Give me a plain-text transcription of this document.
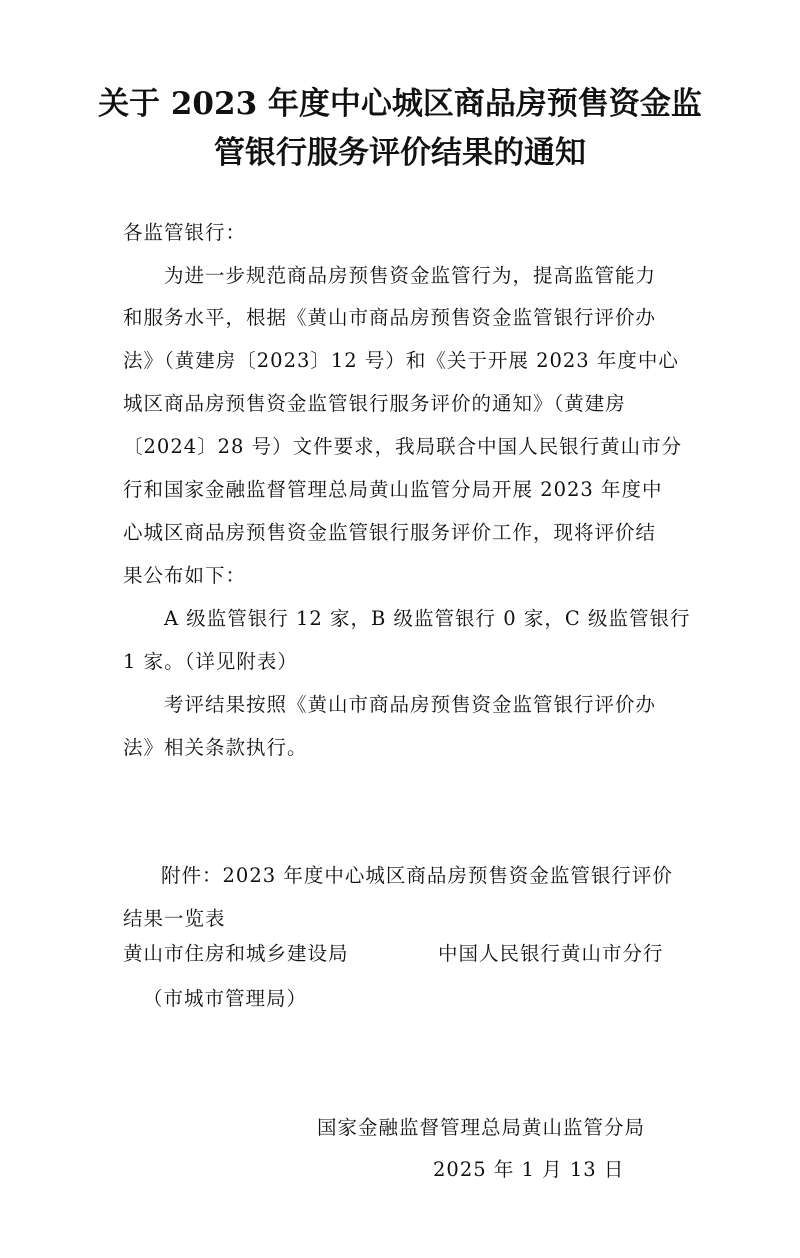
关于 2023 年度中心城区商品房预售资金监
管银行服务评价结果的通知

各监管银行：

为进一步规范商品房预售资金监管行为，提高监管能力

和服务水平，根据《黄山市商品房预售资金监管银行评价办

法》（黄建房〔2023〕12 号）和《关于开展 2023 年度中心

城区商品房预售资金监管银行服务评价的通知》（黄建房

〔2024〕28 号）文件要求，我局联合中国人民银行黄山市分

行和国家金融监督管理总局黄山监管分局开展 2023 年度中

心城区商品房预售资金监管银行服务评价工作，现将评价结

果公布如下：

A 级监管银行 12 家，B 级监管银行 0 家，C 级监管银行

1 家。（详见附表）

考评结果按照《黄山市商品房预售资金监管银行评价办

法》相关条款执行。

附件：2023 年度中心城区商品房预售资金监管银行评价

结果一览表

黄山市住房和城乡建设局	中国人民银行黄山市分行

（市城市管理局）

国家金融监督管理总局黄山监管分局

2025 年 1 月 13 日
